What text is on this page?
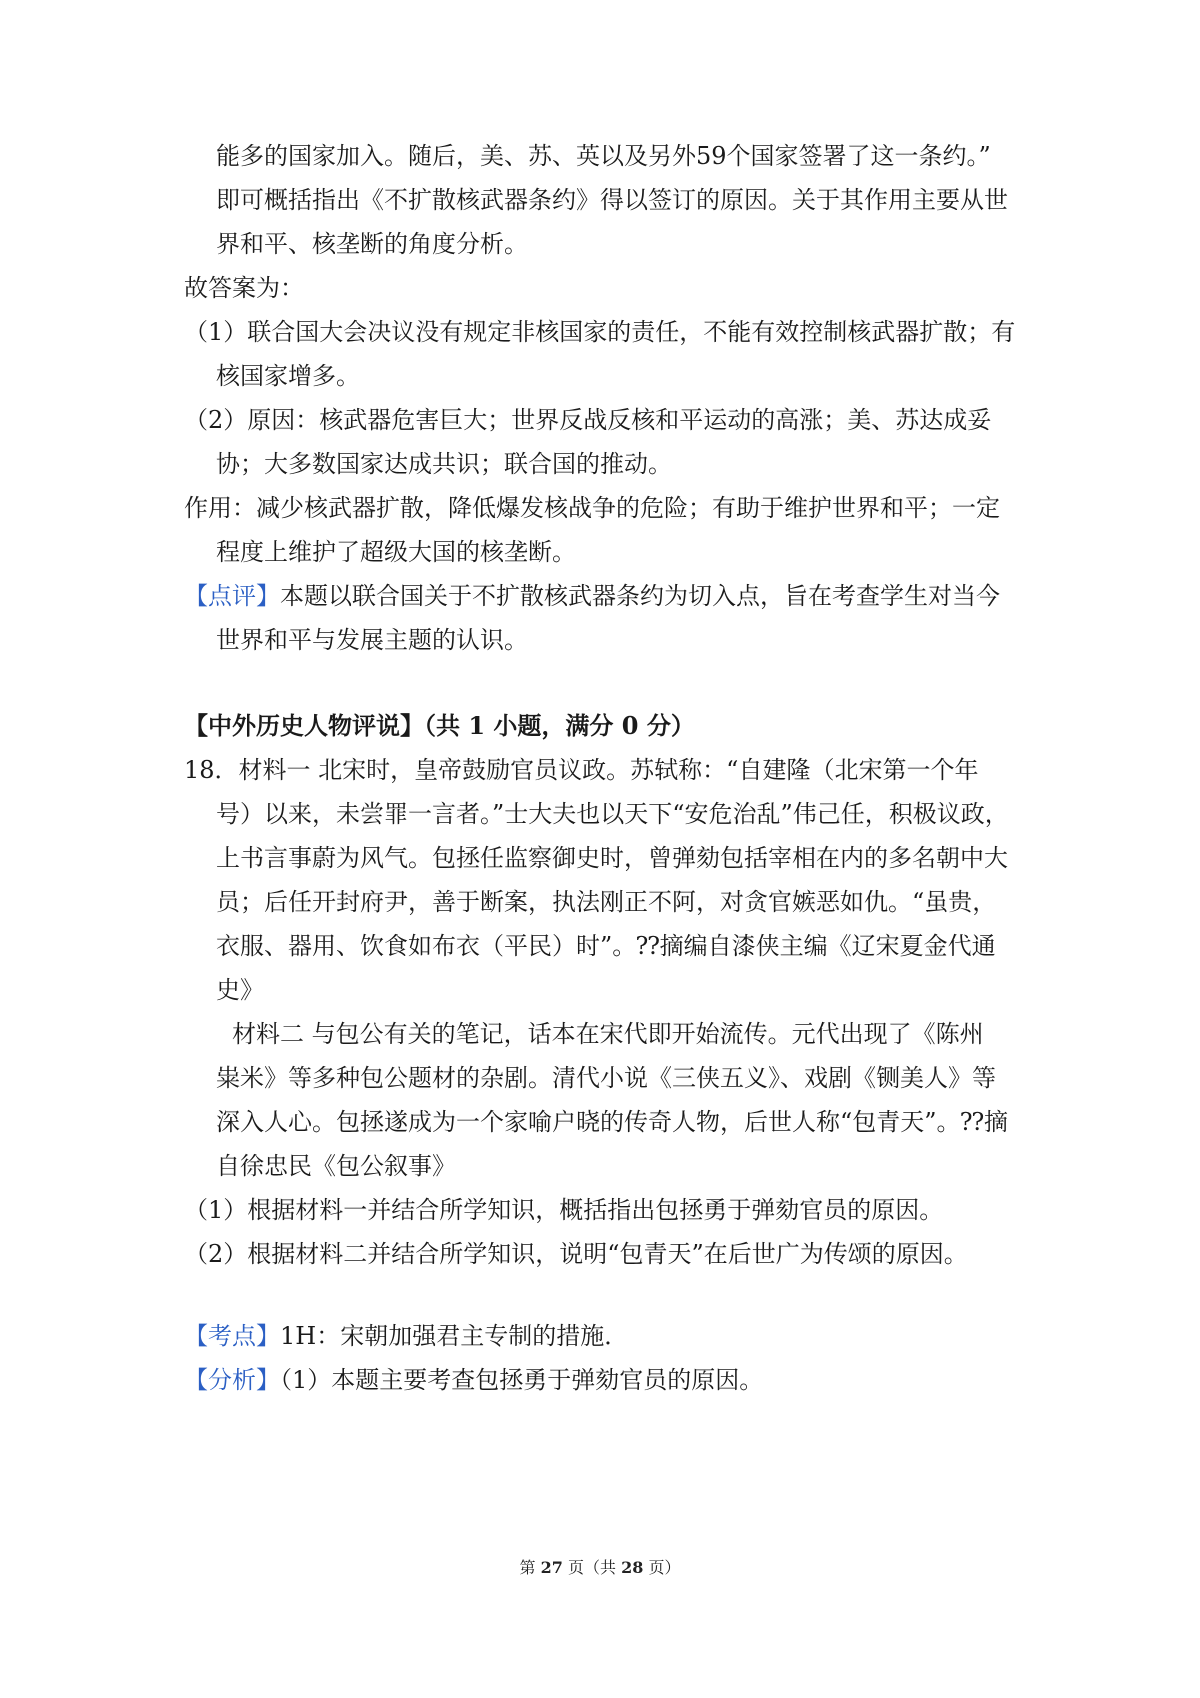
能多的国家加入。随后，美、苏、英以及另外59个国家签署了这一条约。”
即可概括指出《不扩散核武器条约》得以签订的原因。关于其作用主要从世
界和平、核垄断的角度分析。
故答案为：
（1）联合国大会决议没有规定非核国家的责任，不能有效控制核武器扩散；有
核国家增多。
（2）原因：核武器危害巨大；世界反战反核和平运动的高涨；美、苏达成妥
协；大多数国家达成共识；联合国的推动。
作用：减少核武器扩散，降低爆发核战争的危险；有助于维护世界和平；一定
程度上维护了超级大国的核垄断。
【点评】本题以联合国关于不扩散核武器条约为切入点，旨在考查学生对当今
世界和平与发展主题的认识。
【中外历史人物评说】（共 1 小题，满分 0 分）
18．材料一 北宋时，皇帝鼓励官员议政。苏轼称：“自建隆（北宋第一个年
号）以来，未尝罪一言者。”士大夫也以天下“安危治乱”伟己任，积极议政，
上书言事蔚为风气。包拯任监察御史时，曾弹劾包括宰相在内的多名朝中大
员；后任开封府尹，善于断案，执法刚正不阿，对贪官嫉恶如仇。“虽贵，
衣服、器用、饮食如布衣（平民）时”。⁇摘编自漆侠主编《辽宋夏金代通
史》
材料二 与包公有关的笔记，话本在宋代即开始流传。元代出现了《陈州
粜米》等多种包公题材的杂剧。清代小说《三侠五义》、戏剧《铡美人》等
深入人心。包拯遂成为一个家喻户晓的传奇人物，后世人称“包青天”。⁇摘
自徐忠民《包公叙事》
（1）根据材料一并结合所学知识，概括指出包拯勇于弹劾官员的原因。
（2）根据材料二并结合所学知识，说明“包青天”在后世广为传颂的原因。
【考点】1H：宋朝加强君主专制的措施．
【分析】（1）本题主要考查包拯勇于弹劾官员的原因。
第 27 页（共 28 页）
